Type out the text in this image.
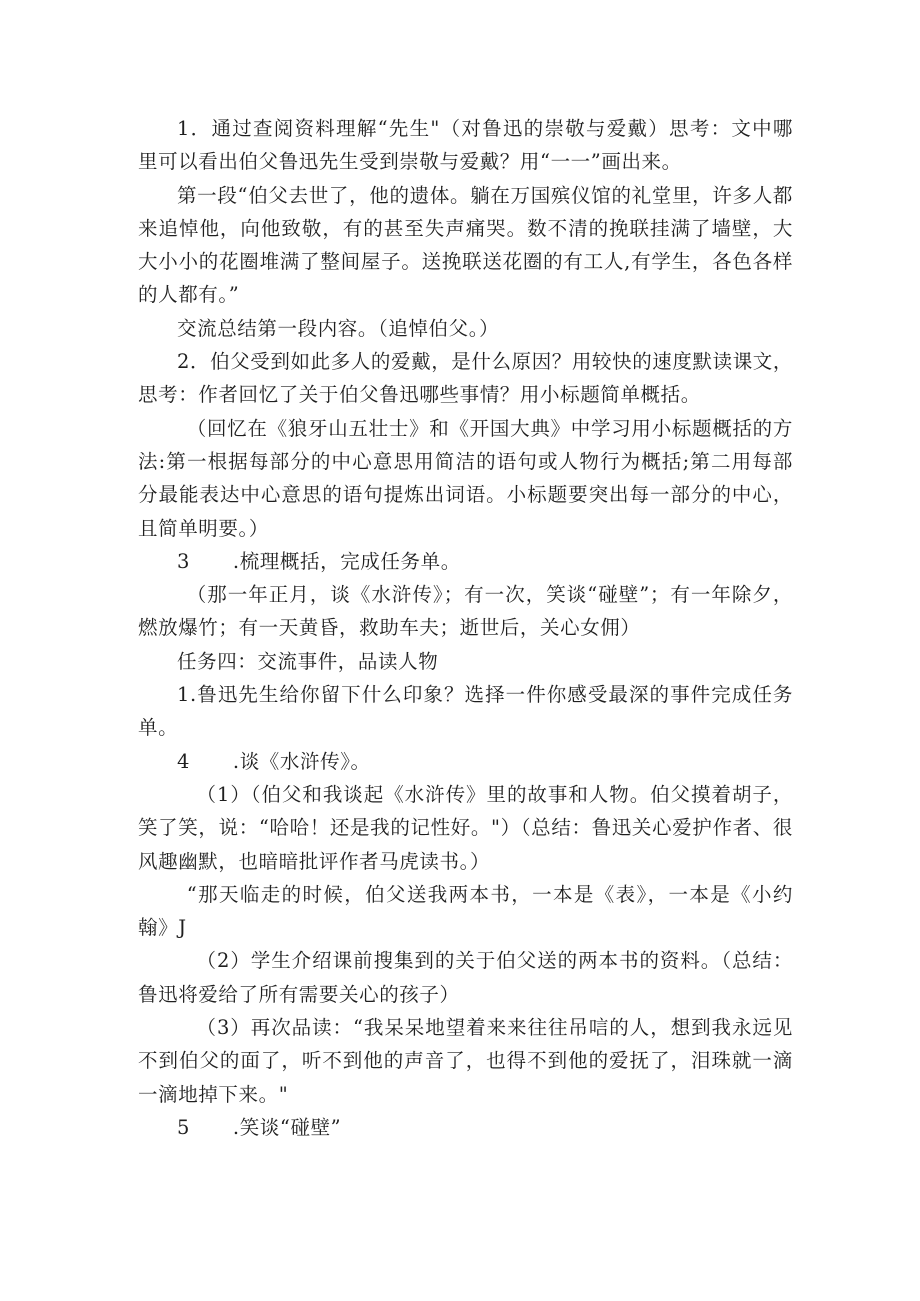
1．通过查阅资料理解“先生"（对鲁迅的崇敬与爱戴）思考：文中哪里可以看出伯父鲁迅先生受到崇敬与爱戴？用“一一”画出来。

第一段“伯父去世了，他的遗体。躺在万国殡仪馆的礼堂里，许多人都来追悼他，向他致敬，有的甚至失声痛哭。数不清的挽联挂满了墙壁，大大小小的花圈堆满了整间屋子。送挽联送花圈的有工人,有学生，各色各样的人都有。”

交流总结第一段内容。（追悼伯父。）

2．伯父受到如此多人的爱戴，是什么原因？用较快的速度默读课文，思考：作者回忆了关于伯父鲁迅哪些事情？用小标题简单概括。

（回忆在《狼牙山五壮士》和《开国大典》中学习用小标题概括的方法:第一根据每部分的中心意思用简洁的语句或人物行为概括;第二用每部分最能表达中心意思的语句提炼出词语。小标题要突出每一部分的中心，且简单明要。）

3 .梳理概括，完成任务单。

（那一年正月，谈《水浒传》；有一次，笑谈“碰壁”；有一年除夕，燃放爆竹；有一天黄昏，救助车夫；逝世后，关心女佣）

任务四：交流事件，品读人物

1.鲁迅先生给你留下什么印象？选择一件你感受最深的事件完成任务单。

4 .谈《水浒传》。

（1）（伯父和我谈起《水浒传》里的故事和人物。伯父摸着胡子，笑了笑，说：“哈哈！还是我的记性好。"）（总结：鲁迅关心爱护作者、很风趣幽默，也暗暗批评作者马虎读书。）

“那天临走的时候，伯父送我两本书，一本是《表》，一本是《小约翰》J

（2）学生介绍课前搜集到的关于伯父送的两本书的资料。（总结：鲁迅将爱给了所有需要关心的孩子）

（3）再次品读：“我呆呆地望着来来往往吊唁的人，想到我永远见不到伯父的面了，听不到他的声音了，也得不到他的爱抚了，泪珠就一滴一滴地掉下来。"

5 .笑谈“碰壁”
